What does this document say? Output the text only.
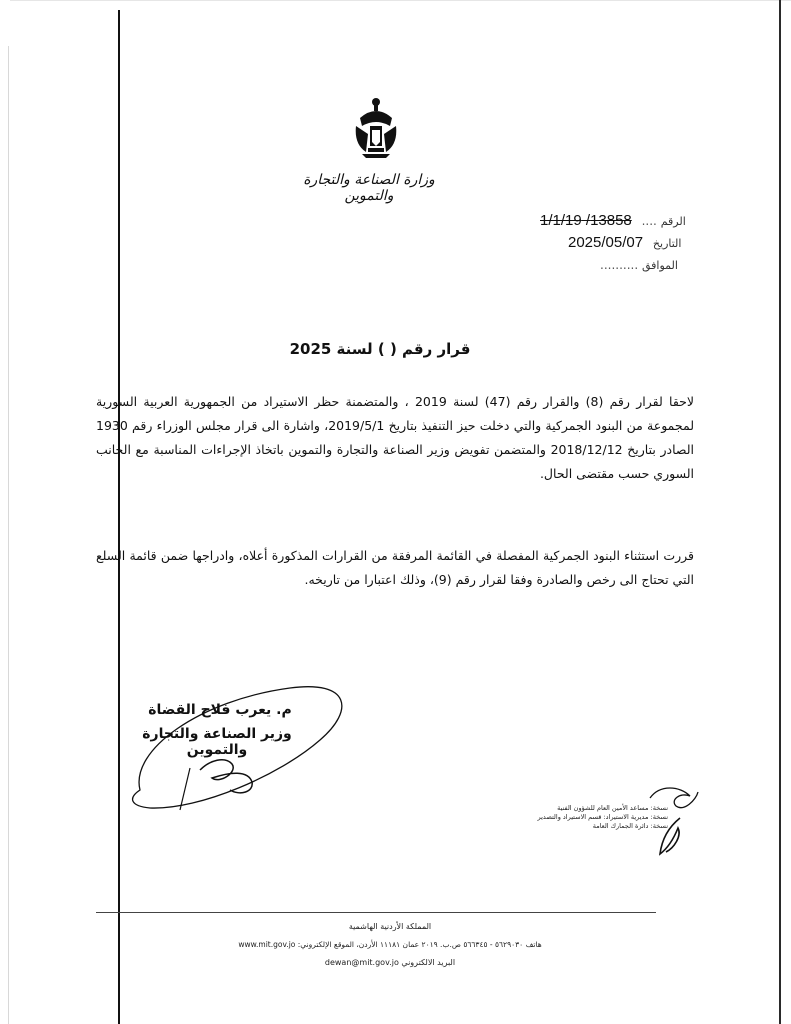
وزارة الصناعة والتجارة والتموين
الرقم .... 13858/ 1/1/19
التاريخ 2025/05/07
الموافق ..........
قرار رقم ( ) لسنة 2025
لاحقا لقرار رقم (8) والقرار رقم (47) لسنة 2019 ، والمتضمنة حظر الاستيراد من الجمهورية العربية السورية لمجموعة من البنود الجمركية والتي دخلت حيز التنفيذ بتاريخ 2019/5/1، واشارة الى قرار مجلس الوزراء رقم 1930 الصادر بتاريخ 2018/12/12 والمتضمن تفويض وزير الصناعة والتجارة والتموين باتخاذ الإجراءات المناسبة مع الجانب السوري حسب مقتضى الحال.
قررت استثناء البنود الجمركية المفصلة في القائمة المرفقة من القرارات المذكورة أعلاه، وادراجها ضمن قائمة السلع التي تحتاج الى رخص والصادرة وفقا لقرار رقم (9)، وذلك اعتبارا من تاريخه.
م. يعرب فلاح القضاة
وزير الصناعة والتجارة والتموين
نسخة: مساعد الأمين العام للشؤون الفنية
نسخة: مديرية الاستيراد: قسم الاستيراد والتصدير
نسخة: دائرة الجمارك العامة
المملكة الأردنية الهاشمية
هاتف ٥٦٢٩٠٣٠ - ٥٦٦٣٤٥ ص.ب. ٢٠١٩ عمان ١١١٨١ الأردن، الموقع الإلكتروني: www.mit.gov.jo
البريد الالكتروني dewan@mit.gov.jo
